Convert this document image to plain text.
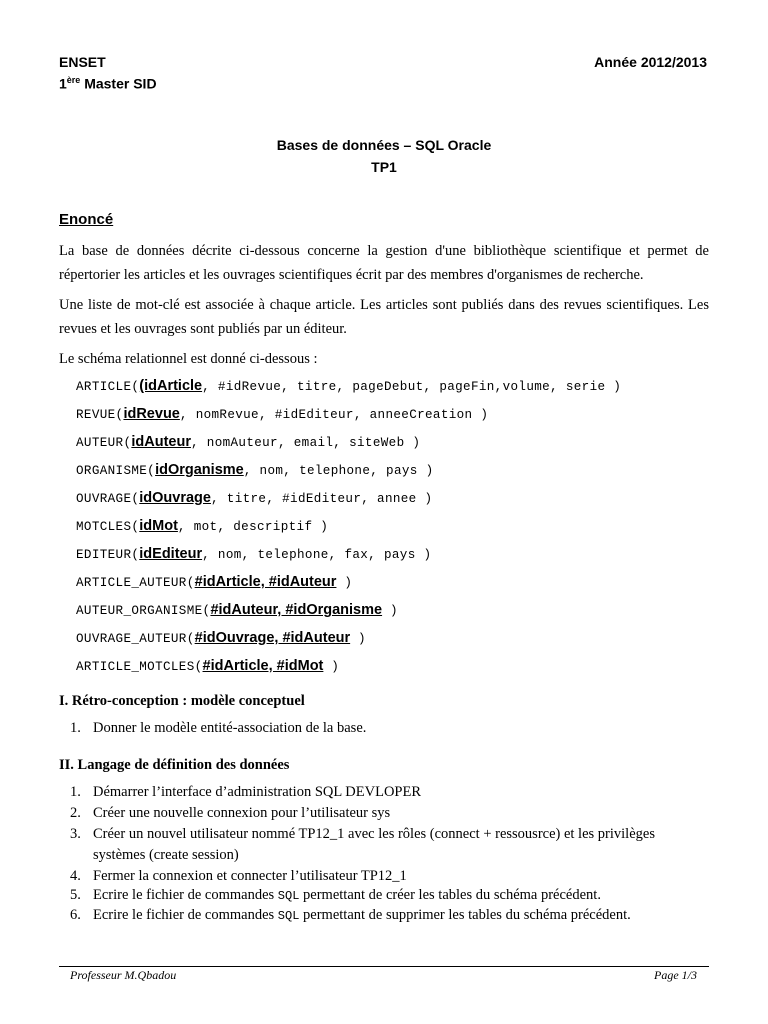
ENSET
1ère Master SID
Année 2012/2013
Bases de données – SQL Oracle
TP1
Enoncé

La base de données décrite ci-dessous concerne la gestion d'une bibliothèque scientifique et permet de répertorier les articles et les ouvrages scientifiques écrit par des membres d'organismes de recherche.

Une liste de mot-clé est associée à chaque article. Les articles sont publiés dans des revues scientifiques. Les revues et les ouvrages sont publiés par un éditeur.

Le schéma relationnel est donné ci-dessous :

ARTICLE((idArticle, #idRevue, titre, pageDebut, pageFin,volume, serie )
REVUE(idRevue, nomRevue, #idEditeur, anneeCreation )
AUTEUR(idAuteur, nomAuteur, email, siteWeb )
ORGANISME(idOrganisme, nom, telephone, pays )
OUVRAGE(idOuvrage, titre, #idEditeur, annee )
MOTCLES(idMot, mot, descriptif )
EDITEUR(idEditeur, nom, telephone, fax, pays )
ARTICLE_AUTEUR(#idArticle, #idAuteur )
AUTEUR_ORGANISME(#idAuteur, #idOrganisme )
OUVRAGE_AUTEUR(#idOuvrage, #idAuteur )
ARTICLE_MOTCLES(#idArticle, #idMot )
I. Rétro-conception : modèle conceptuel
1. Donner le modèle entité-association de la base.
II. Langage de définition des données
1. Démarrer l’interface d’administration SQL DEVLOPER
2. Créer une nouvelle connexion pour l’utilisateur sys
3. Créer un nouvel utilisateur nommé TP12_1 avec les rôles (connect + ressousrce) et les privilèges
systèmes (create session)
4. Fermer la connexion et connecter l’utilisateur TP12_1
5. Ecrire le fichier de commandes SQL permettant de créer les tables du schéma précédent.
6. Ecrire le fichier de commandes SQL permettant de supprimer les tables du schéma précédent.
Professeur M.Qbadou	Page 1/3
